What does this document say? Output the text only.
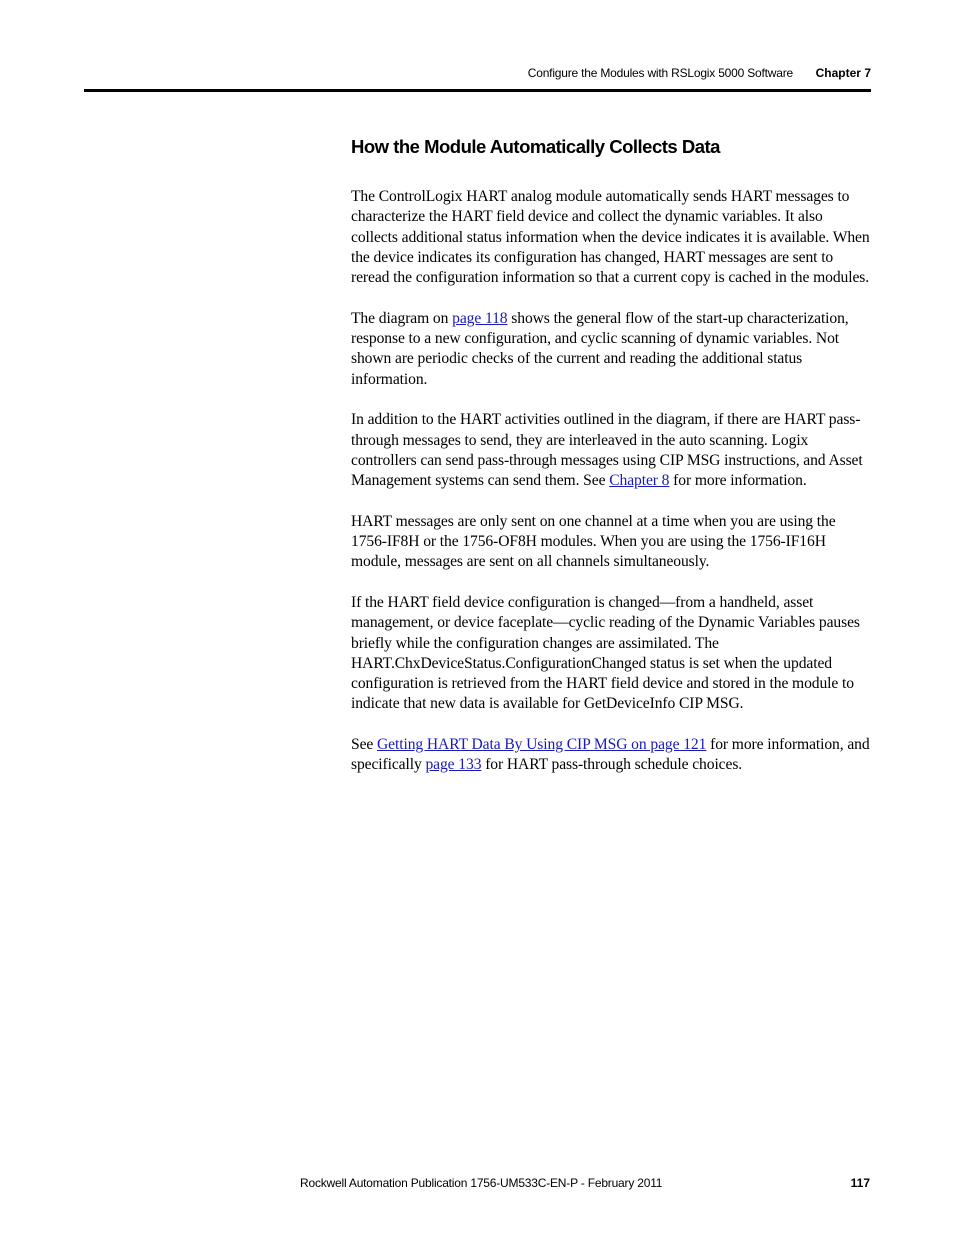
Configure the Modules with RSLogix 5000 Software Chapter 7
How the Module Automatically Collects Data

The ControlLogix HART analog module automatically sends HART messages to characterize the HART field device and collect the dynamic variables. It also collects additional status information when the device indicates it is available. When the device indicates its configuration has changed, HART messages are sent to reread the configuration information so that a current copy is cached in the modules.

The diagram on page 118 shows the general flow of the start-up characterization, response to a new configuration, and cyclic scanning of dynamic variables. Not shown are periodic checks of the current and reading the additional status information.

In addition to the HART activities outlined in the diagram, if there are HART pass-through messages to send, they are interleaved in the auto scanning. Logix controllers can send pass-through messages using CIP MSG instructions, and Asset Management systems can send them. See Chapter 8 for more information.

HART messages are only sent on one channel at a time when you are using the 1756-IF8H or the 1756-OF8H modules. When you are using the 1756-IF16H module, messages are sent on all channels simultaneously.

If the HART field device configuration is changed—from a handheld, asset management, or device faceplate—cyclic reading of the Dynamic Variables pauses briefly while the configuration changes are assimilated. The HART.ChxDeviceStatus.ConfigurationChanged status is set when the updated configuration is retrieved from the HART field device and stored in the module to indicate that new data is available for GetDeviceInfo CIP MSG.

See Getting HART Data By Using CIP MSG on page 121 for more information, and specifically page 133 for HART pass-through schedule choices.

Rockwell Automation Publication 1756-UM533C-EN-P - February 2011	117
